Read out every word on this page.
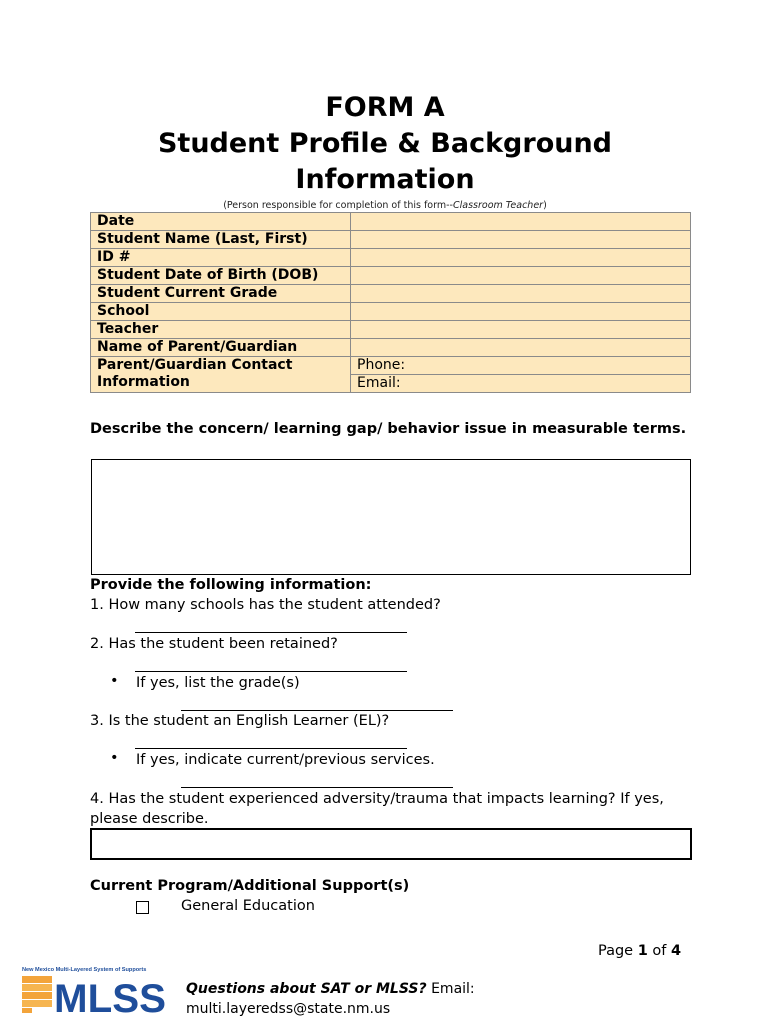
FORM A
Student Profile & Background
Information
(Person responsible for completion of this form--Classroom Teacher)
Date	
Student Name (Last, First)	
ID #	
Student Date of Birth (DOB)	
Student Current Grade	
School	
Teacher	
Name of Parent/Guardian	
Parent/Guardian Contact Information	Phone:
	Email:
Describe the concern/ learning gap/ behavior issue in measurable terms.
Provide the following information:
1. How many schools has the student attended?
2. Has the student been retained?
• If yes, list the grade(s)
3. Is the student an English Learner (EL)?
• If yes, indicate current/previous services.
4. Has the student experienced adversity/trauma that impacts learning? If yes, please describe.
Current Program/Additional Support(s)
General Education
Page 1 of 4
New Mexico Multi-Layered System of Supports
MLSS Questions about SAT or MLSS? Email:
multi.layeredss@state.nm.us
